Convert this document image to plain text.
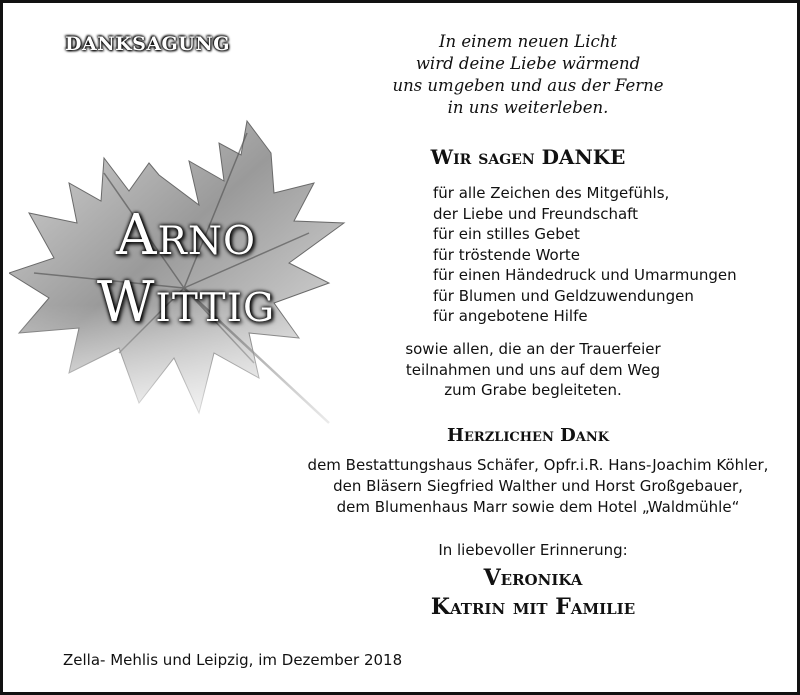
DANKSAGUNG
Arno
Wittig
In einem neuen Licht
wird deine Liebe wärmend
uns umgeben und aus der Ferne
in uns weiterleben.
Wir sagen DANKE
für alle Zeichen des Mitgefühls,
der Liebe und Freundschaft
für ein stilles Gebet
für tröstende Worte
für einen Händedruck und Umarmungen
für Blumen und Geldzuwendungen
für angebotene Hilfe
sowie allen, die an der Trauerfeier
teilnahmen und uns auf dem Weg
zum Grabe begleiteten.
Herzlichen Dank
dem Bestattungshaus Schäfer, Opfr.i.R. Hans-Joachim Köhler,
den Bläsern Siegfried Walther und Horst Großgebauer,
dem Blumenhaus Marr sowie dem Hotel „Waldmühle“
In liebevoller Erinnerung:
Veronika
Katrin mit Familie
Zella- Mehlis und Leipzig, im Dezember 2018
